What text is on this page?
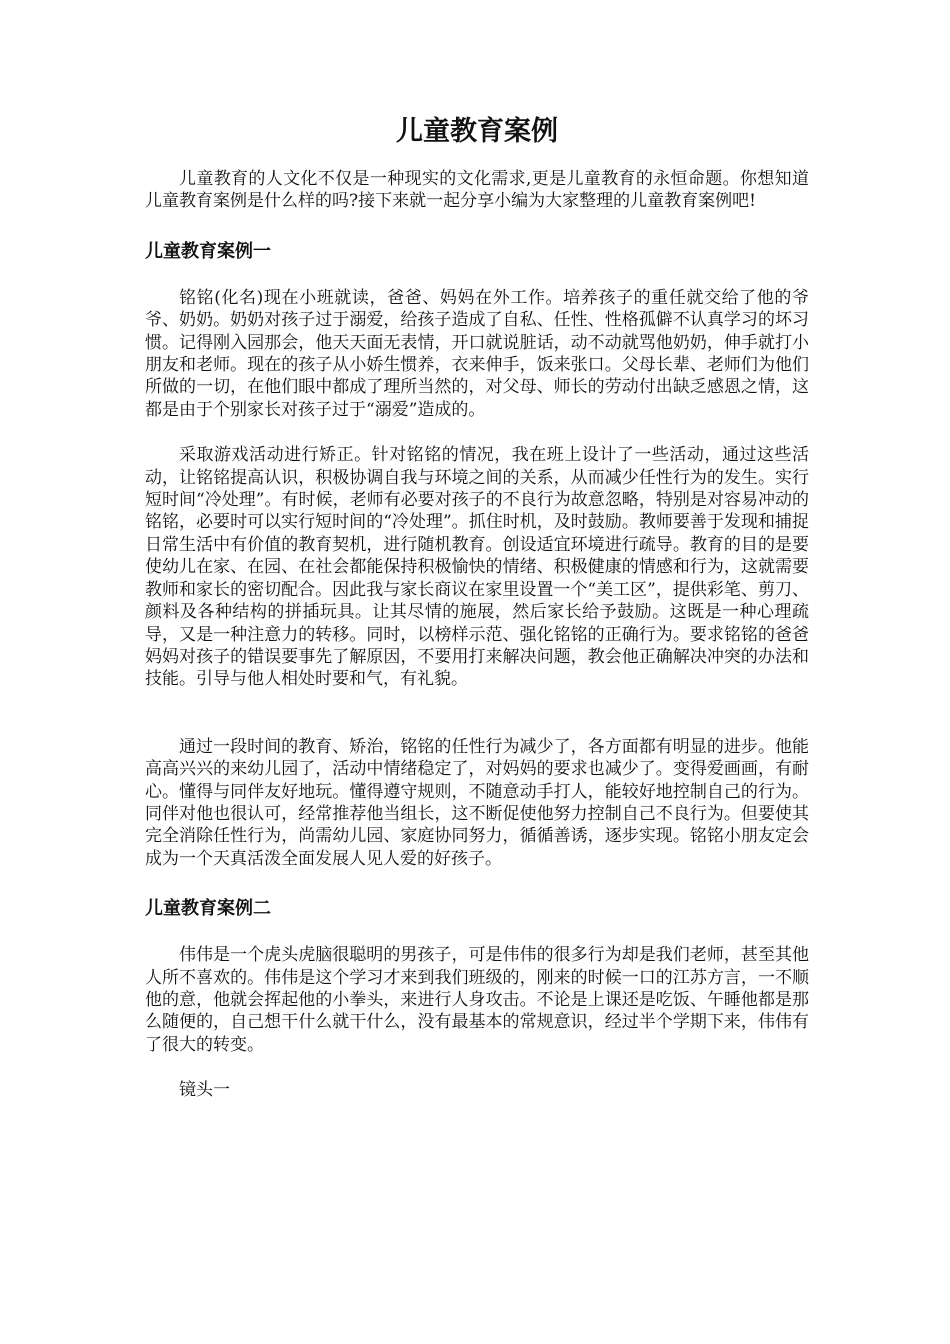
儿童教育案例

儿童教育的人文化不仅是一种现实的文化需求,更是儿童教育的永恒命题。你想知道儿童教育案例是什么样的吗?接下来就一起分享小编为大家整理的儿童教育案例吧!

儿童教育案例一

铭铭(化名)现在小班就读，爸爸、妈妈在外工作。培养孩子的重任就交给了他的爷爷、奶奶。奶奶对孩子过于溺爱，给孩子造成了自私、任性、性格孤僻不认真学习的坏习惯。记得刚入园那会，他天天面无表情，开口就说脏话，动不动就骂他奶奶，伸手就打小朋友和老师。现在的孩子从小娇生惯养，衣来伸手，饭来张口。父母长辈、老师们为他们所做的一切，在他们眼中都成了理所当然的，对父母、师长的劳动付出缺乏感恩之情，这都是由于个别家长对孩子过于“溺爱”造成的。

采取游戏活动进行矫正。针对铭铭的情况，我在班上设计了一些活动，通过这些活动，让铭铭提高认识，积极协调自我与环境之间的关系，从而减少任性行为的发生。实行短时间“冷处理”。有时候，老师有必要对孩子的不良行为故意忽略，特别是对容易冲动的铭铭，必要时可以实行短时间的“冷处理”。抓住时机，及时鼓励。教师要善于发现和捕捉日常生活中有价值的教育契机，进行随机教育。创设适宜环境进行疏导。教育的目的是要使幼儿在家、在园、在社会都能保持积极愉快的情绪、积极健康的情感和行为，这就需要教师和家长的密切配合。因此我与家长商议在家里设置一个“美工区”，提供彩笔、剪刀、颜料及各种结构的拼插玩具。让其尽情的施展，然后家长给予鼓励。这既是一种心理疏导，又是一种注意力的转移。同时，以榜样示范、强化铭铭的正确行为。要求铭铭的爸爸妈妈对孩子的错误要事先了解原因，不要用打来解决问题，教会他正确解决冲突的办法和技能。引导与他人相处时要和气，有礼貌。

通过一段时间的教育、矫治，铭铭的任性行为减少了，各方面都有明显的进步。他能高高兴兴的来幼儿园了，活动中情绪稳定了，对妈妈的要求也减少了。变得爱画画，有耐心。懂得与同伴友好地玩。懂得遵守规则，不随意动手打人，能较好地控制自己的行为。同伴对他也很认可，经常推荐他当组长，这不断促使他努力控制自己不良行为。但要使其完全消除任性行为，尚需幼儿园、家庭协同努力，循循善诱，逐步实现。铭铭小朋友定会成为一个天真活泼全面发展人见人爱的好孩子。

儿童教育案例二

伟伟是一个虎头虎脑很聪明的男孩子，可是伟伟的很多行为却是我们老师，甚至其他人所不喜欢的。伟伟是这个学习才来到我们班级的，刚来的时候一口的江苏方言，一不顺他的意，他就会挥起他的小拳头，来进行人身攻击。不论是上课还是吃饭、午睡他都是那么随便的，自己想干什么就干什么，没有最基本的常规意识，经过半个学期下来，伟伟有了很大的转变。

镜头一
